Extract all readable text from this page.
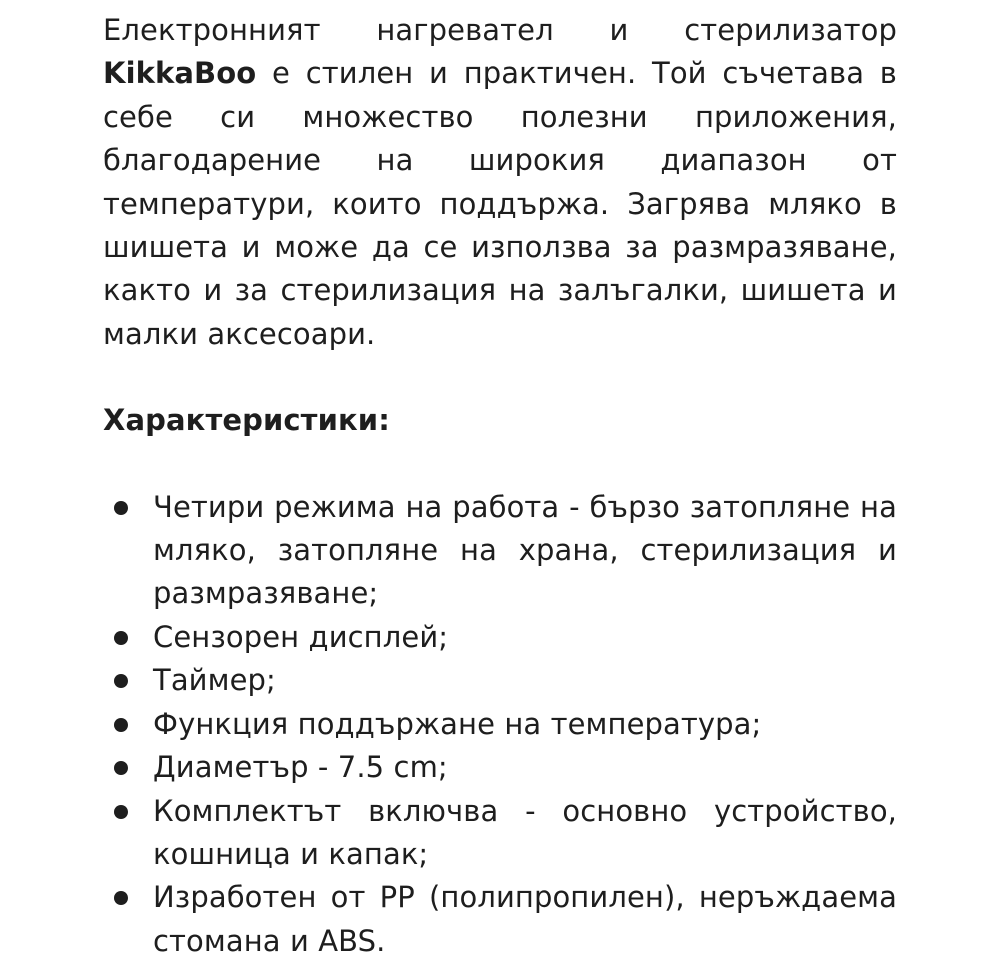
Електронният нагревател и стерилизатор KikkaBoo е стилен и практичен. Той съчетава в себе си множество полезни приложения, благодарение на широкия диапазон от температури, които поддържа. Загрява мляко в шишета и може да се използва за размразяване, както и за стерилизация на залъгалки, шишета и малки аксесоари.

Характеристики:

Четири режима на работа - бързо затопляне на мляко, затопляне на храна, стерилизация и размразяване;
Сензорен дисплей;
Таймер;
Функция поддържане на температура;
Диаметър - 7.5 cm;
Комплектът включва - основно устройство, кошница и капак;
Изработен от PP (полипропилен), неръждаема стомана и ABS.
